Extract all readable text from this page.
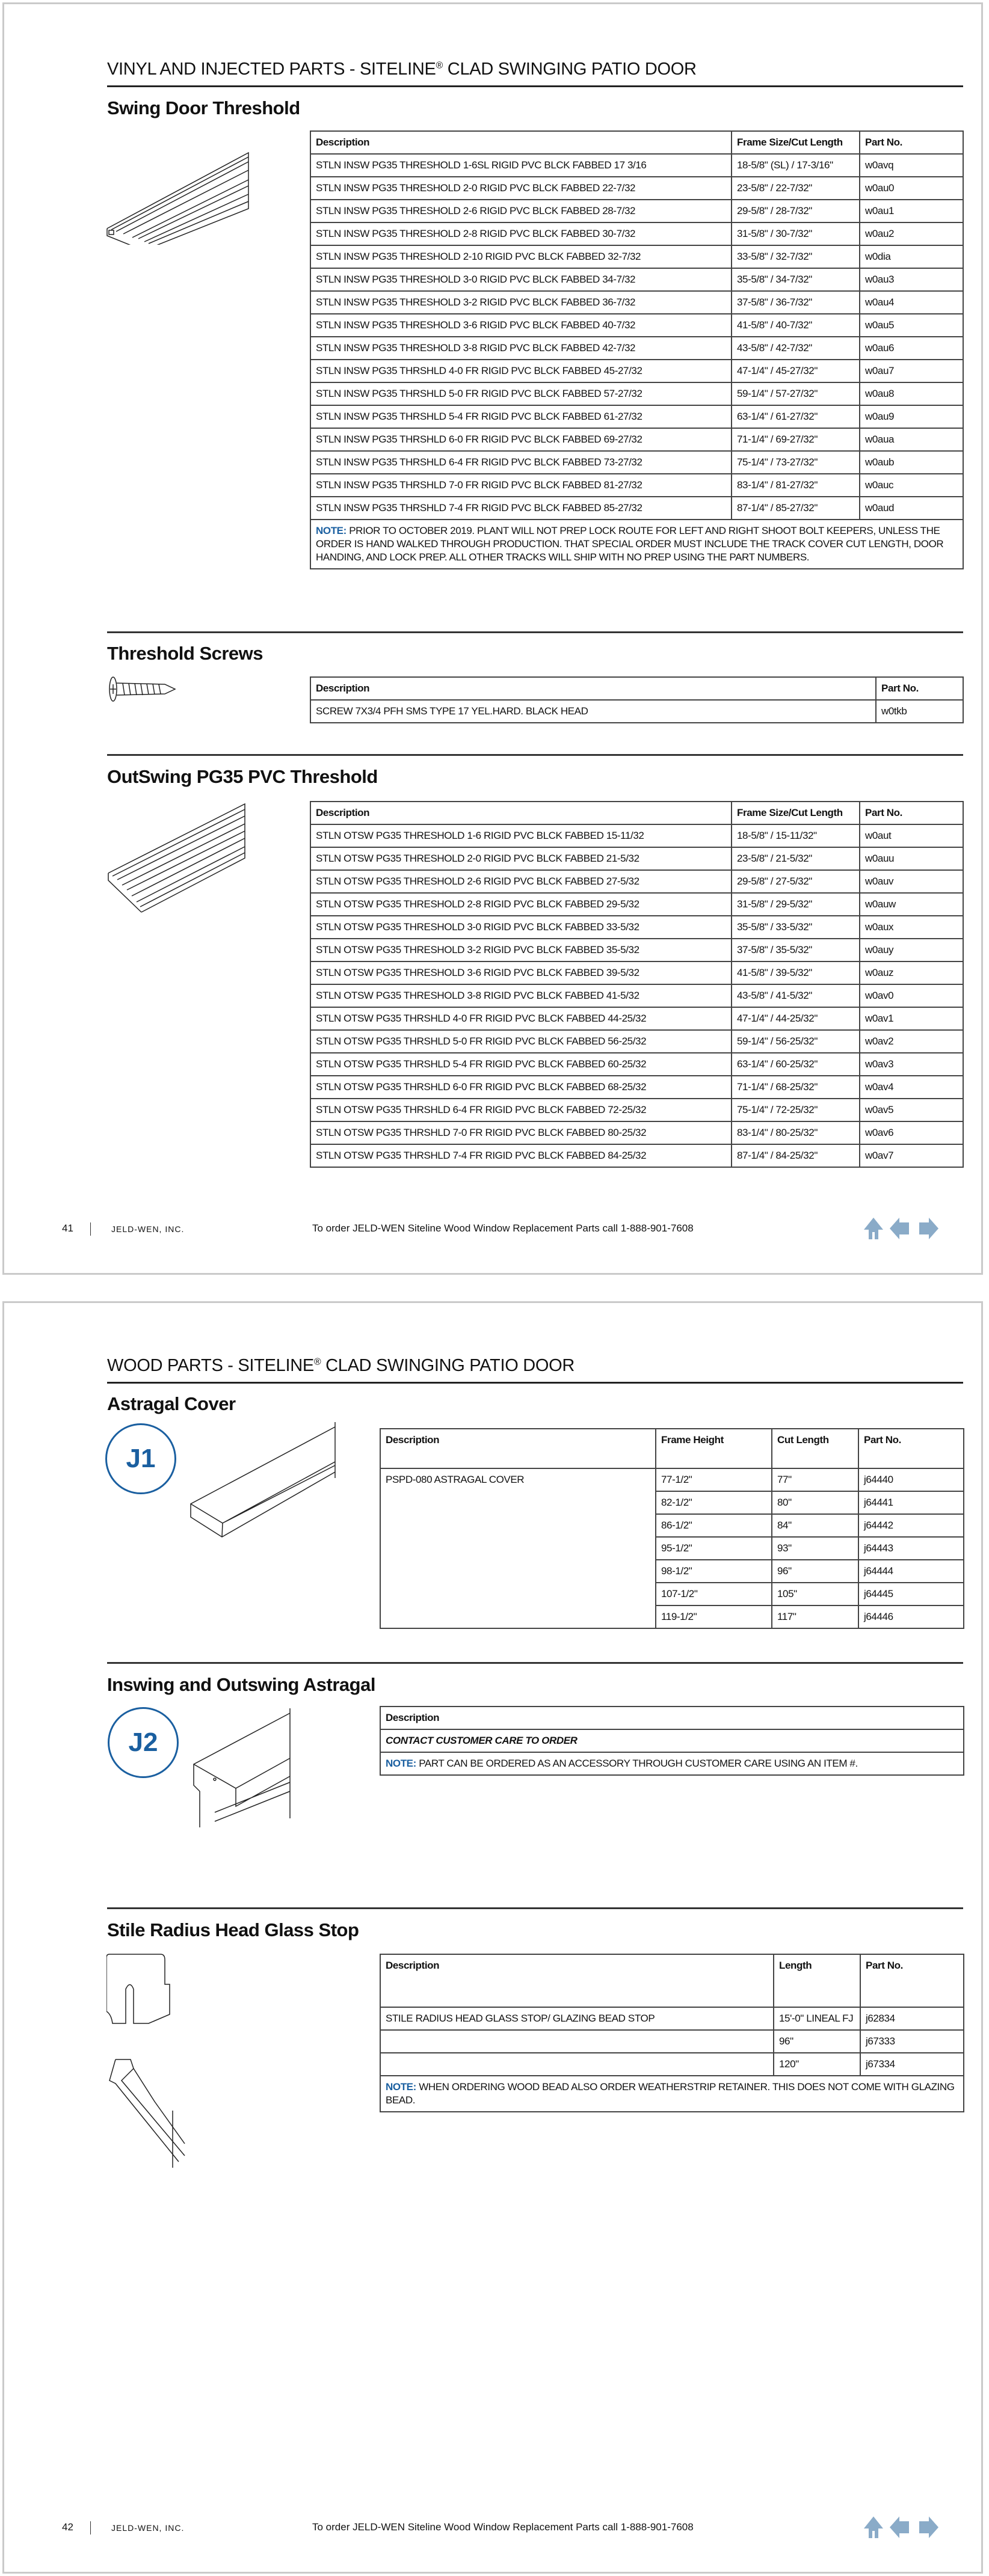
VINYL AND INJECTED PARTS - SITELINE® CLAD SWINGING PATIO DOOR
Swing Door Threshold
Description	Frame Size/Cut Length	Part No.
STLN INSW PG35 THRESHOLD 1-6SL RIGID PVC BLCK FABBED 17 3/16	18-5/8" (SL) / 17-3/16"	w0avq
STLN INSW PG35 THRESHOLD 2-0 RIGID PVC BLCK FABBED 22-7/32	23-5/8" / 22-7/32"	w0au0
STLN INSW PG35 THRESHOLD 2-6 RIGID PVC BLCK FABBED 28-7/32	29-5/8" / 28-7/32"	w0au1
STLN INSW PG35 THRESHOLD 2-8 RIGID PVC BLCK FABBED 30-7/32	31-5/8" / 30-7/32"	w0au2
STLN INSW PG35 THRESHOLD 2-10 RIGID PVC BLCK FABBED 32-7/32	33-5/8" / 32-7/32"	w0dia
STLN INSW PG35 THRESHOLD 3-0 RIGID PVC BLCK FABBED 34-7/32	35-5/8" / 34-7/32"	w0au3
STLN INSW PG35 THRESHOLD 3-2 RIGID PVC BLCK FABBED 36-7/32	37-5/8" / 36-7/32"	w0au4
STLN INSW PG35 THRESHOLD 3-6 RIGID PVC BLCK FABBED 40-7/32	41-5/8" / 40-7/32"	w0au5
STLN INSW PG35 THRESHOLD 3-8 RIGID PVC BLCK FABBED 42-7/32	43-5/8" / 42-7/32"	w0au6
STLN INSW PG35 THRSHLD 4-0 FR RIGID PVC BLCK FABBED 45-27/32	47-1/4" / 45-27/32"	w0au7
STLN INSW PG35 THRSHLD 5-0 FR RIGID PVC BLCK FABBED 57-27/32	59-1/4" / 57-27/32"	w0au8
STLN INSW PG35 THRSHLD 5-4 FR RIGID PVC BLCK FABBED 61-27/32	63-1/4" / 61-27/32"	w0au9
STLN INSW PG35 THRSHLD 6-0 FR RIGID PVC BLCK FABBED 69-27/32	71-1/4" / 69-27/32"	w0aua
STLN INSW PG35 THRSHLD 6-4 FR RIGID PVC BLCK FABBED 73-27/32	75-1/4" / 73-27/32"	w0aub
STLN INSW PG35 THRSHLD 7-0 FR RIGID PVC BLCK FABBED 81-27/32	83-1/4" / 81-27/32"	w0auc
STLN INSW PG35 THRSHLD 7-4 FR RIGID PVC BLCK FABBED 85-27/32	87-1/4" / 85-27/32"	w0aud
NOTE: PRIOR TO OCTOBER 2019. PLANT WILL NOT PREP LOCK ROUTE FOR LEFT AND RIGHT SHOOT BOLT KEEPERS, UNLESS THE ORDER IS HAND WALKED THROUGH PRODUCTION. THAT SPECIAL ORDER MUST INCLUDE THE TRACK COVER CUT LENGTH, DOOR HANDING, AND LOCK PREP. ALL OTHER TRACKS WILL SHIP WITH NO PREP USING THE PART NUMBERS.		
Threshold Screws
Description	Part No.
SCREW 7X3/4 PFH SMS TYPE 17 YEL.HARD. BLACK HEAD	w0tkb
OutSwing PG35 PVC Threshold
Description	Frame Size/Cut Length	Part No.
STLN OTSW PG35 THRESHOLD 1-6 RIGID PVC BLCK FABBED 15-11/32	18-5/8" / 15-11/32"	w0aut
STLN OTSW PG35 THRESHOLD 2-0 RIGID PVC BLCK FABBED 21-5/32	23-5/8" / 21-5/32"	w0auu
STLN OTSW PG35 THRESHOLD 2-6 RIGID PVC BLCK FABBED 27-5/32	29-5/8" / 27-5/32"	w0auv
STLN OTSW PG35 THRESHOLD 2-8 RIGID PVC BLCK FABBED 29-5/32	31-5/8" / 29-5/32"	w0auw
STLN OTSW PG35 THRESHOLD 3-0 RIGID PVC BLCK FABBED 33-5/32	35-5/8" / 33-5/32"	w0aux
STLN OTSW PG35 THRESHOLD 3-2 RIGID PVC BLCK FABBED 35-5/32	37-5/8" / 35-5/32"	w0auy
STLN OTSW PG35 THRESHOLD 3-6 RIGID PVC BLCK FABBED 39-5/32	41-5/8" / 39-5/32"	w0auz
STLN OTSW PG35 THRESHOLD 3-8 RIGID PVC BLCK FABBED 41-5/32	43-5/8" / 41-5/32"	w0av0
STLN OTSW PG35 THRSHLD 4-0 FR RIGID PVC BLCK FABBED 44-25/32	47-1/4" / 44-25/32"	w0av1
STLN OTSW PG35 THRSHLD 5-0 FR RIGID PVC BLCK FABBED 56-25/32	59-1/4" / 56-25/32"	w0av2
STLN OTSW PG35 THRSHLD 5-4 FR RIGID PVC BLCK FABBED 60-25/32	63-1/4" / 60-25/32"	w0av3
STLN OTSW PG35 THRSHLD 6-0 FR RIGID PVC BLCK FABBED 68-25/32	71-1/4" / 68-25/32"	w0av4
STLN OTSW PG35 THRSHLD 6-4 FR RIGID PVC BLCK FABBED 72-25/32	75-1/4" / 72-25/32"	w0av5
STLN OTSW PG35 THRSHLD 7-0 FR RIGID PVC BLCK FABBED 80-25/32	83-1/4" / 80-25/32"	w0av6
STLN OTSW PG35 THRSHLD 7-4 FR RIGID PVC BLCK FABBED 84-25/32	87-1/4" / 84-25/32"	w0av7
41	JELD-WEN, INC.	To order JELD-WEN Siteline Wood Window Replacement Parts call 1-888-901-7608
WOOD PARTS - SITELINE® CLAD SWINGING PATIO DOOR
Astragal Cover
J1
Description	Frame Height	Cut Length	Part No.
PSPD-080 ASTRAGAL COVER	77-1/2"	77"	j64440
	82-1/2"	80"	j64441
	86-1/2"	84"	j64442
	95-1/2"	93"	j64443
	98-1/2"	96"	j64444
	107-1/2"	105"	j64445
	119-1/2"	117"	j64446
Inswing and Outswing Astragal
J2
Description
CONTACT CUSTOMER CARE TO ORDER
NOTE: PART CAN BE ORDERED AS AN ACCESSORY THROUGH CUSTOMER CARE USING AN ITEM #.
Stile Radius Head Glass Stop
Description	Length	Part No.
STILE RADIUS HEAD GLASS STOP/ GLAZING BEAD STOP	15'-0" LINEAL FJ	j62834
	96"	j67333
	120"	j67334
NOTE: WHEN ORDERING WOOD BEAD ALSO ORDER WEATHERSTRIP RETAINER. THIS DOES NOT COME WITH GLAZING BEAD.		
42	JELD-WEN, INC.	To order JELD-WEN Siteline Wood Window Replacement Parts call 1-888-901-7608
